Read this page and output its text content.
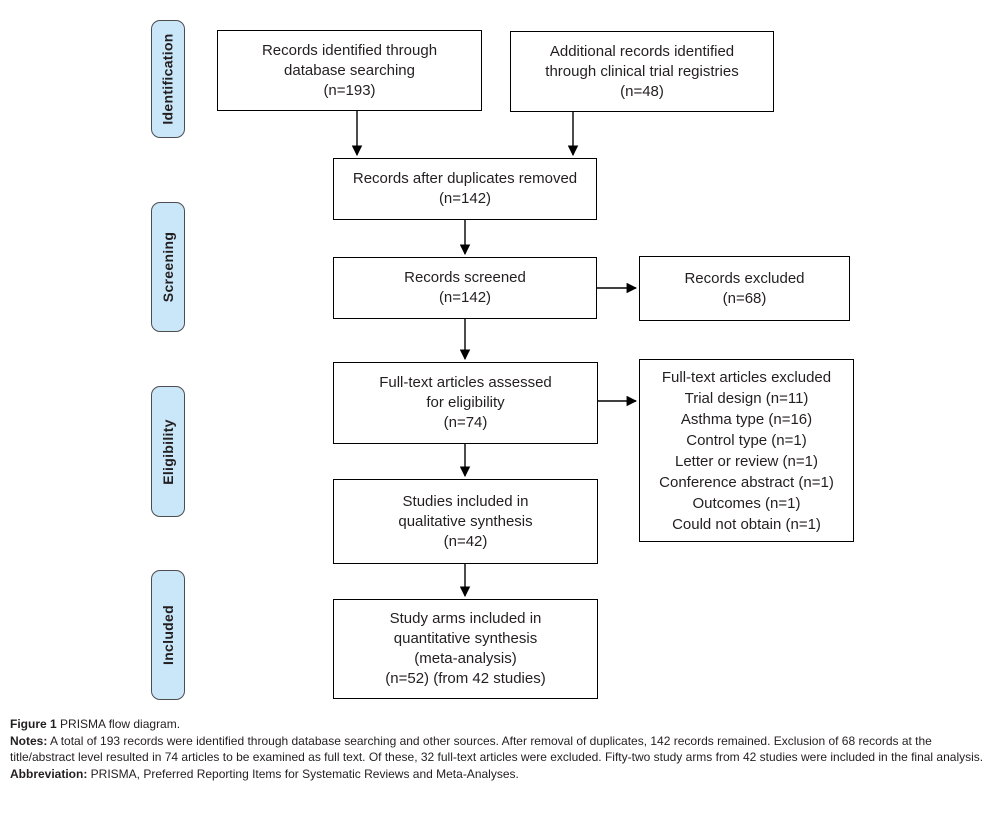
Identification
Screening
Eligibility
Included
Records identified through
database searching
(n=193)
Additional records identified
through clinical trial registries
(n=48)
Records after duplicates removed
(n=142)
Records screened
(n=142)
Records excluded
(n=68)
Full-text articles assessed
for eligibility
(n=74)
Full-text articles excluded
Trial design (n=11)
Asthma type (n=16)
Control type (n=1)
Letter or review (n=1)
Conference abstract (n=1)
Outcomes (n=1)
Could not obtain (n=1)
Studies included in
qualitative synthesis
(n=42)
Study arms included in
quantitative synthesis
(meta-analysis)
(n=52) (from 42 studies)

Figure 1 PRISMA flow diagram.

Notes: A total of 193 records were identified through database searching and other sources. After removal of duplicates, 142 records remained. Exclusion of 68 records at the title/abstract level resulted in 74 articles to be examined as full text. Of these, 32 full-text articles were excluded. Fifty-two study arms from 42 studies were included in the final analysis.

Abbreviation: PRISMA, Preferred Reporting Items for Systematic Reviews and Meta-Analyses.
